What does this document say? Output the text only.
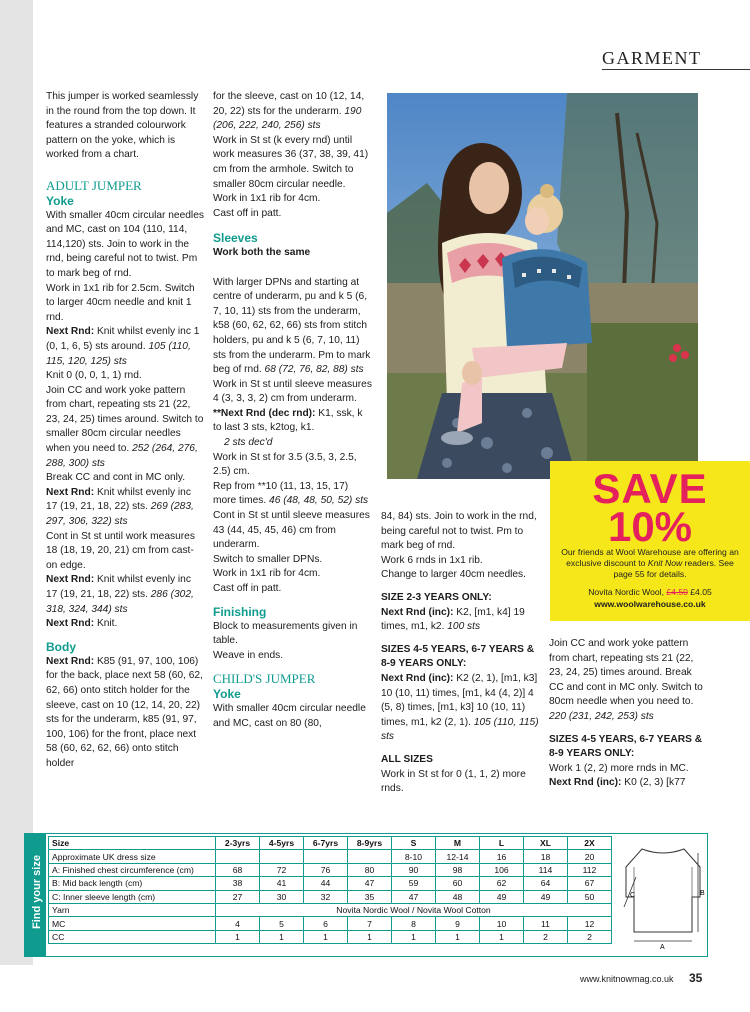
GARMENT

This jumper is worked seamlessly in the round from the top down. It features a stranded colourwork pattern on the yoke, which is worked from a chart.

ADULT JUMPER
Yoke

With smaller 40cm circular needles and MC, cast on 104 (110, 114, 114,120) sts. Join to work in the rnd, being careful not to twist. Pm to mark beg of rnd.

Work in 1x1 rib for 2.5cm. Switch to larger 40cm needle and knit 1 rnd.

Next Rnd: Knit whilst evenly inc 1 (0, 1, 6, 5) sts around. 105 (110, 115, 120, 125) sts

Knit 0 (0, 0, 1, 1) rnd.

Join CC and work yoke pattern from chart, repeating sts 21 (22, 23, 24, 25) times around. Switch to smaller 80cm circular needles when you need to. 252 (264, 276, 288, 300) sts

Break CC and cont in MC only.

Next Rnd: Knit whilst evenly inc 17 (19, 21, 18, 22) sts. 269 (283, 297, 306, 322) sts

Cont in St st until work measures 18 (18, 19, 20, 21) cm from cast-on edge.

Next Rnd: Knit whilst evenly inc 17 (19, 21, 18, 22) sts. 286 (302, 318, 324, 344) sts

Next Rnd: Knit.

Body

Next Rnd: K85 (91, 97, 100, 106) for the back, place next 58 (60, 62, 62, 66) onto stitch holder for the sleeve, cast on 10 (12, 14, 20, 22) sts for the underarm, k85 (91, 97, 100, 106) for the front, place next 58 (60, 62, 62, 66) onto stitch holder

for the sleeve, cast on 10 (12, 14, 20, 22) sts for the underarm. 190 (206, 222, 240, 256) sts

Work in St st (k every rnd) until work measures 36 (37, 38, 39, 41) cm from the armhole. Switch to smaller 80cm circular needle.

Work in 1x1 rib for 4cm.

Cast off in patt.

Sleeves

Work both the same

With larger DPNs and starting at centre of underarm, pu and k 5 (6, 7, 10, 11) sts from the underarm, k58 (60, 62, 62, 66) sts from stitch holders, pu and k 5 (6, 7, 10, 11) sts from the underarm. Pm to mark beg of rnd. 68 (72, 76, 82, 88) sts

Work in St st until sleeve measures 4 (3, 3, 3, 2) cm from underarm.

**Next Rnd (dec rnd): K1, ssk, k to last 3 sts, k2tog, k1.

2 sts dec'd

Work in St st for 3.5 (3.5, 3, 2.5, 2.5) cm.

Rep from **10 (11, 13, 15, 17) more times. 46 (48, 48, 50, 52) sts

Cont in St st until sleeve measures 43 (44, 45, 45, 46) cm from underarm.

Switch to smaller DPNs.

Work in 1x1 rib for 4cm.

Cast off in patt.

Finishing

Block to measurements given in table.

Weave in ends.

CHILD'S JUMPER
Yoke

With smaller 40cm circular needle and MC, cast on 80 (80,

84, 84) sts. Join to work in the rnd, being careful not to twist. Pm to mark beg of rnd.

Work 6 rnds in 1x1 rib.

Change to larger 40cm needles.

SIZE 2-3 YEARS ONLY:

Next Rnd (inc): K2, [m1, k4] 19 times, m1, k2. 100 sts

SIZES 4-5 YEARS, 6-7 YEARS & 8-9 YEARS ONLY:

Next Rnd (inc): K2 (2, 1), [m1, k3] 10 (10, 11) times, [m1, k4 (4, 2)] 4 (5, 8) times, [m1, k3] 10 (10, 11) times, m1, k2 (2, 1). 105 (110, 115) sts

ALL SIZES

Work in St st for 0 (1, 1, 2) more rnds.

SAVE
10%
Our friends at Wool Warehouse are offering an exclusive discount to Knit Now readers. See page 55 for details.
Novita Nordic Wool, £4.50 £4.05
www.woolwarehouse.co.uk

Join CC and work yoke pattern from chart, repeating sts 21 (22, 23, 24, 25) times around. Break CC and cont in MC only. Switch to 80cm needle when you need to. 220 (231, 242, 253) sts

SIZES 4-5 YEARS, 6-7 YEARS & 8-9 YEARS ONLY:

Work 1 (2, 2) more rnds in MC.

Next Rnd (inc): K0 (2, 3) [k77

Find your size
Size	2-3yrs	4-5yrs	6-7yrs	8-9yrs	S	M	L	XL	2X
Approximate UK dress size					8-10	12-14	16	18	20
A: Finished chest circumference (cm)	68	72	76	80	90	98	106	114	112
B: Mid back length (cm)	38	41	44	47	59	60	62	64	67
C: Inner sleeve length (cm)	27	30	32	35	47	48	49	49	50
Yarn	Novita Nordic Wool / Novita Wool Cotton								
MC	4	5	6	7	8	9	10	11	12
CC	1	1	1	1	1	1	1	2	2
C	B
A
www.knitnowmag.co.uk 35
